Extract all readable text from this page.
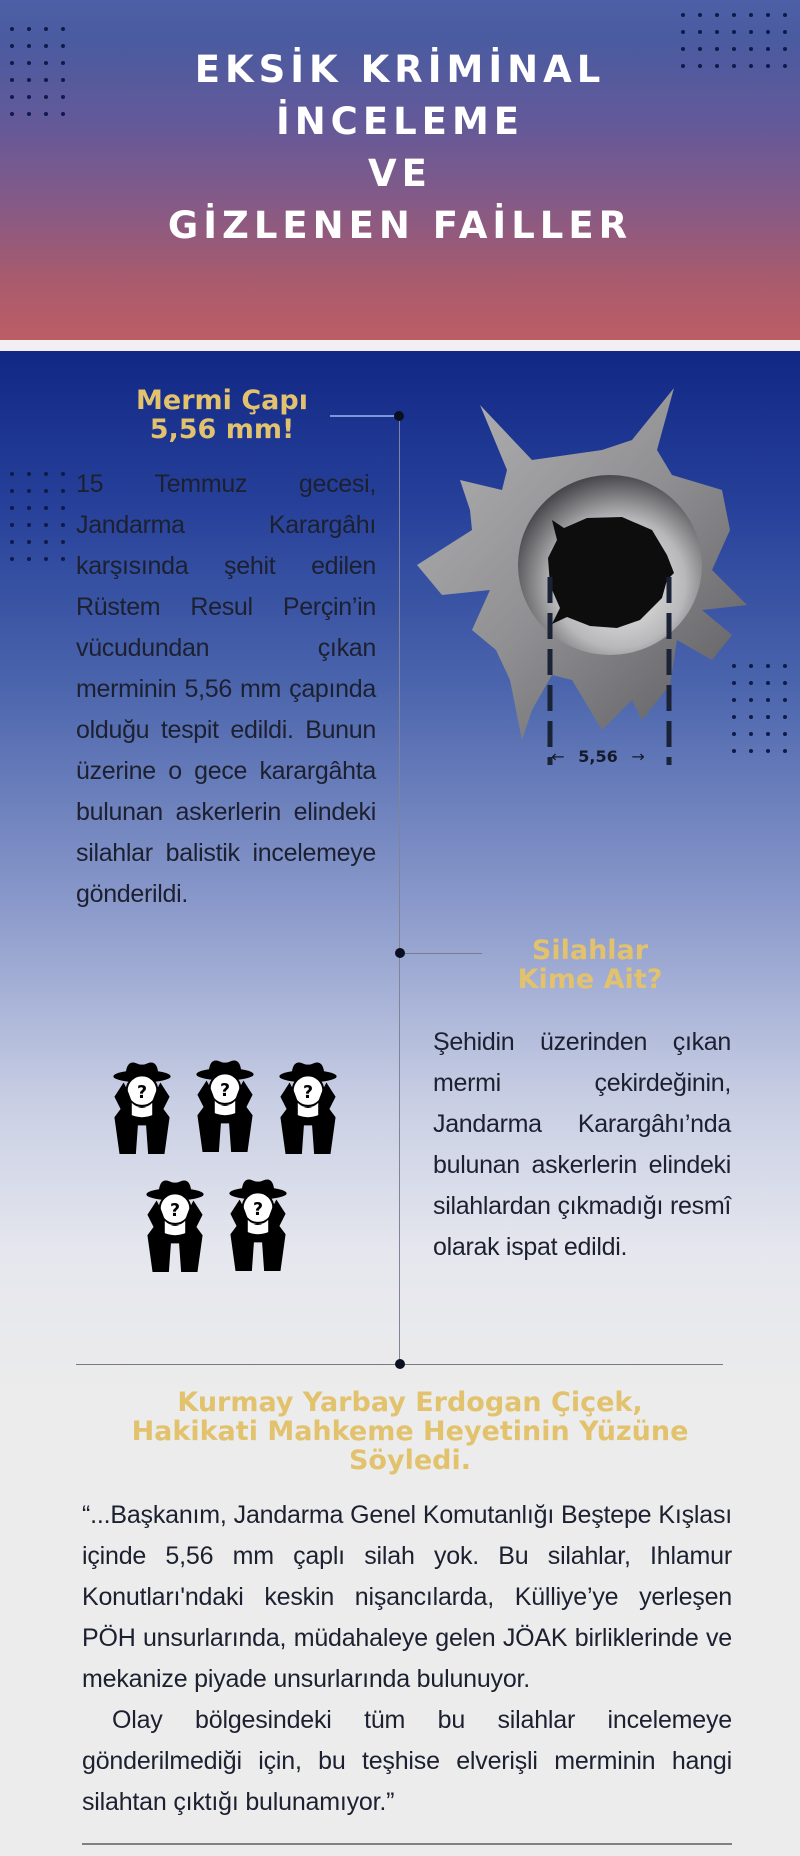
EKSİK KRİMİNAL
İNCELEME
VE
GİZLENEN FAİLLER
Mermi Çapı
5,56 mm!

15 Temmuz gecesi, Jandarma Karargâhı karşısında şehit edilen Rüstem Resul Perçin’in vücudundan çıkan merminin 5,56 mm çapında olduğu tespit edildi. Bunun üzerine o gece karargâhta bulunan askerlerin elindeki silahlar balistik incelemeye gönderildi.

← 5,56 →
Silahlar
Kime Ait?

Şehidin üzerinden çıkan mermi çekirdeğinin, Jandarma Karargâhı’nda bulunan askerlerin elindeki silahlardan çıkmadığı resmî olarak ispat edildi.

Kurmay Yarbay Erdogan Çiçek,
Hakikati Mahkeme Heyetinin Yüzüne
Söyledi.

“...Başkanım, Jandarma Genel Komutanlığı Beştepe Kışlası içinde 5,56 mm çaplı silah yok. Bu silahlar, Ihlamur Konutları'ndaki keskin nişancılarda, Külliye’ye yerleşen PÖH unsurlarında, müdahaleye gelen JÖAK birliklerinde ve mekanize piyade unsurlarında bulunuyor.

Olay bölgesindeki tüm bu silahlar incelemeye gönderilmediği için, bu teşhise elverişli merminin hangi silahtan çıktığı bulunamıyor.”
